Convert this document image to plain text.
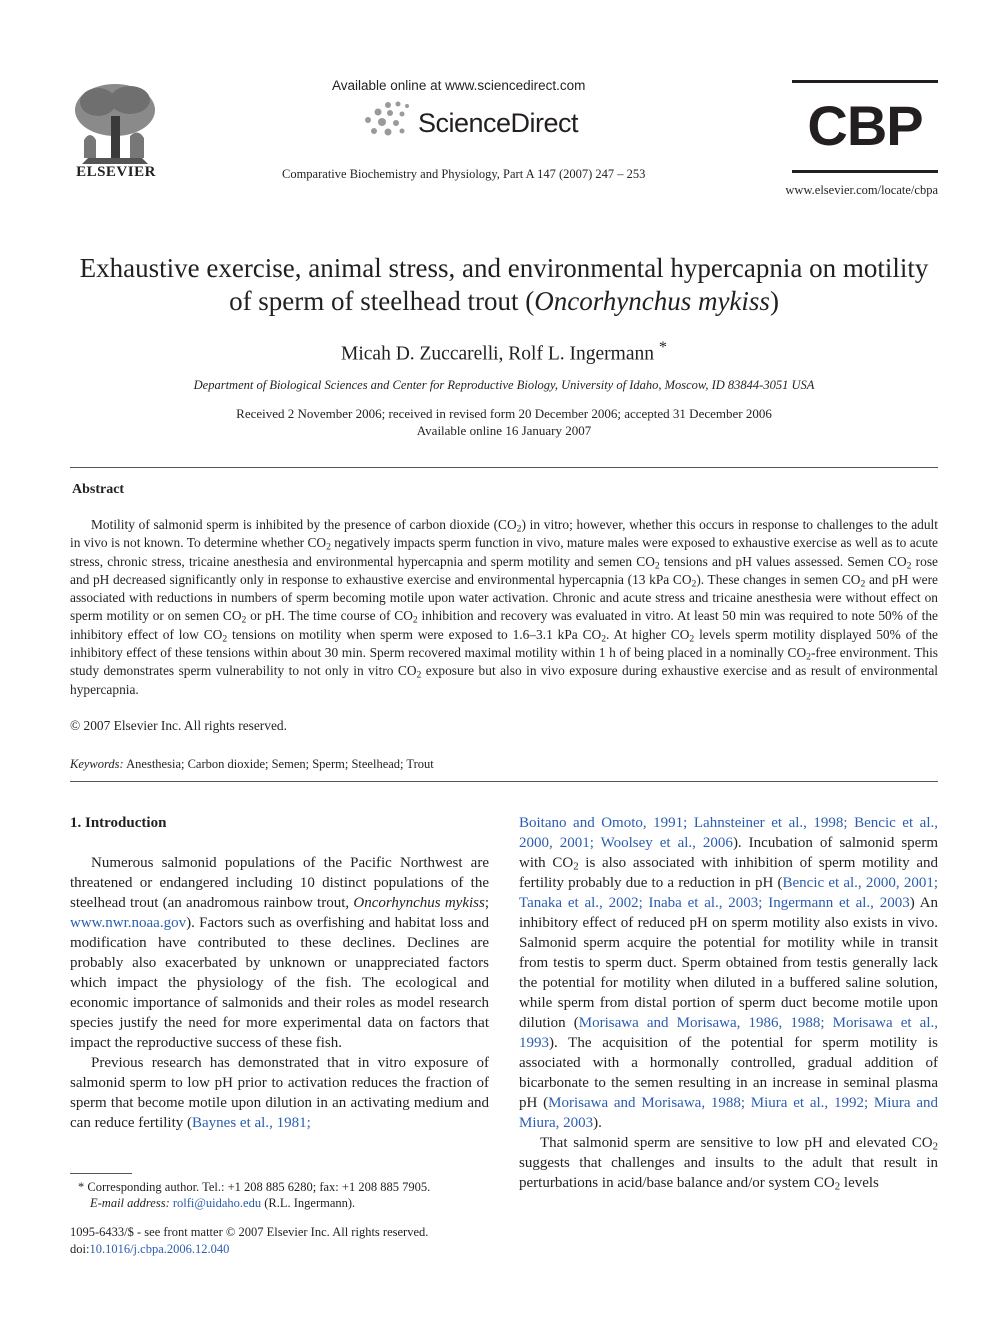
ELSEVIER
Available online at www.sciencedirect.com
ScienceDirect
Comparative Biochemistry and Physiology, Part A 147 (2007) 247 – 253
CBP
www.elsevier.com/locate/cbpa
Exhaustive exercise, animal stress, and environmental hypercapnia on motility of sperm of steelhead trout (Oncorhynchus mykiss)
Micah D. Zuccarelli, Rolf L. Ingermann *
Department of Biological Sciences and Center for Reproductive Biology, University of Idaho, Moscow, ID 83844-3051 USA
Received 2 November 2006; received in revised form 20 December 2006; accepted 31 December 2006
Available online 16 January 2007
Abstract

Motility of salmonid sperm is inhibited by the presence of carbon dioxide $(CO_2)$ in vitro; however, whether this occurs in response to challenges to the adult in vivo is not known. To determine whether $CO_2$ negatively impacts sperm function in vivo, mature males were exposed to exhaustive exercise as well as to acute stress, chronic stress, tricaine anesthesia and environmental hypercapnia and sperm motility and semen $CO_2$ tensions and pH values assessed. Semen $CO_2$ rose and pH decreased significantly only in response to exhaustive exercise and environmental hypercapnia (13 kPa $CO_2$). These changes in semen $CO_2$ and pH were associated with reductions in numbers of sperm becoming motile upon water activation. Chronic and acute stress and tricaine anesthesia were without effect on sperm motility or on semen $CO_2$ or pH. The time course of $CO_2$ inhibition and recovery was evaluated in vitro. At least 50 min was required to note 50% of the inhibitory effect of low $CO_2$ tensions on motility when sperm were exposed to 1.6–3.1 kPa $CO_2$. At higher $CO_2$ levels sperm motility displayed 50% of the inhibitory effect of these tensions within about 30 min. Sperm recovered maximal motility within 1 h of being placed in a nominally $CO_2$-free environment. This study demonstrates sperm vulnerability to not only in vitro $CO_2$ exposure but also in vivo exposure during exhaustive exercise and as result of environmental hypercapnia.

© 2007 Elsevier Inc. All rights reserved.
Keywords: Anesthesia; Carbon dioxide; Semen; Sperm; Steelhead; Trout
1. Introduction

Numerous salmonid populations of the Pacific Northwest are threatened or endangered including 10 distinct populations of the steelhead trout (an anadromous rainbow trout, Oncorhynchus mykiss; www.nwr.noaa.gov). Factors such as overfishing and habitat loss and modification have contributed to these declines. Declines are probably also exacerbated by unknown or unappreciated factors which impact the physiology of the fish. The ecological and economic importance of salmonids and their roles as model research species justify the need for more experimental data on factors that impact the reproductive success of these fish.

Previous research has demonstrated that in vitro exposure of salmonid sperm to low pH prior to activation reduces the fraction of sperm that become motile upon dilution in an activating medium and can reduce fertility (Baynes et al., 1981;

Boitano and Omoto, 1991; Lahnsteiner et al., 1998; Bencic et al., 2000, 2001; Woolsey et al., 2006). Incubation of salmonid sperm with $CO_2$ is also associated with inhibition of sperm motility and fertility probably due to a reduction in pH (Bencic et al., 2000, 2001; Tanaka et al., 2002; Inaba et al., 2003; Ingermann et al., 2003) An inhibitory effect of reduced pH on sperm motility also exists in vivo. Salmonid sperm acquire the potential for motility while in transit from testis to sperm duct. Sperm obtained from testis generally lack the potential for motility when diluted in a buffered saline solution, while sperm from distal portion of sperm duct become motile upon dilution (Morisawa and Morisawa, 1986, 1988; Morisawa et al., 1993). The acquisition of the potential for sperm motility is associated with a hormonally controlled, gradual addition of bicarbonate to the semen resulting in an increase in seminal plasma pH (Morisawa and Morisawa, 1988; Miura et al., 1992; Miura and Miura, 2003).

That salmonid sperm are sensitive to low pH and elevated $CO_2$ suggests that challenges and insults to the adult that result in perturbations in acid/base balance and/or system $CO_2$ levels

* Corresponding author. Tel.: +1 208 885 6280; fax: +1 208 885 7905.
E-mail address: rolfi@uidaho.edu (R.L. Ingermann).
1095-6433/$ - see front matter © 2007 Elsevier Inc. All rights reserved.
doi:10.1016/j.cbpa.2006.12.040
